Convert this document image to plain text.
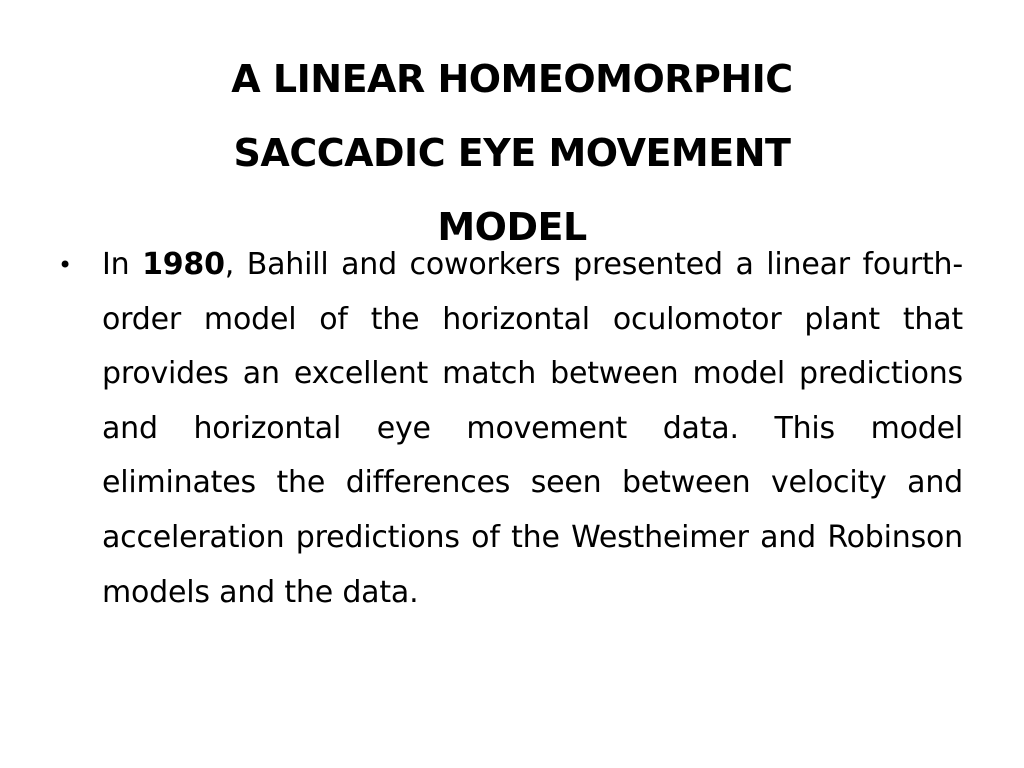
A LINEAR HOMEOMORPHIC
SACCADIC EYE MOVEMENT
MODEL
• In 1980, Bahill and coworkers presented a linear fourth-order model of the horizontal oculomotor plant that provides an excellent match between model predictions and horizontal eye movement data. This model eliminates the differences seen between velocity and acceleration predictions of the Westheimer and Robinson models and the data.
